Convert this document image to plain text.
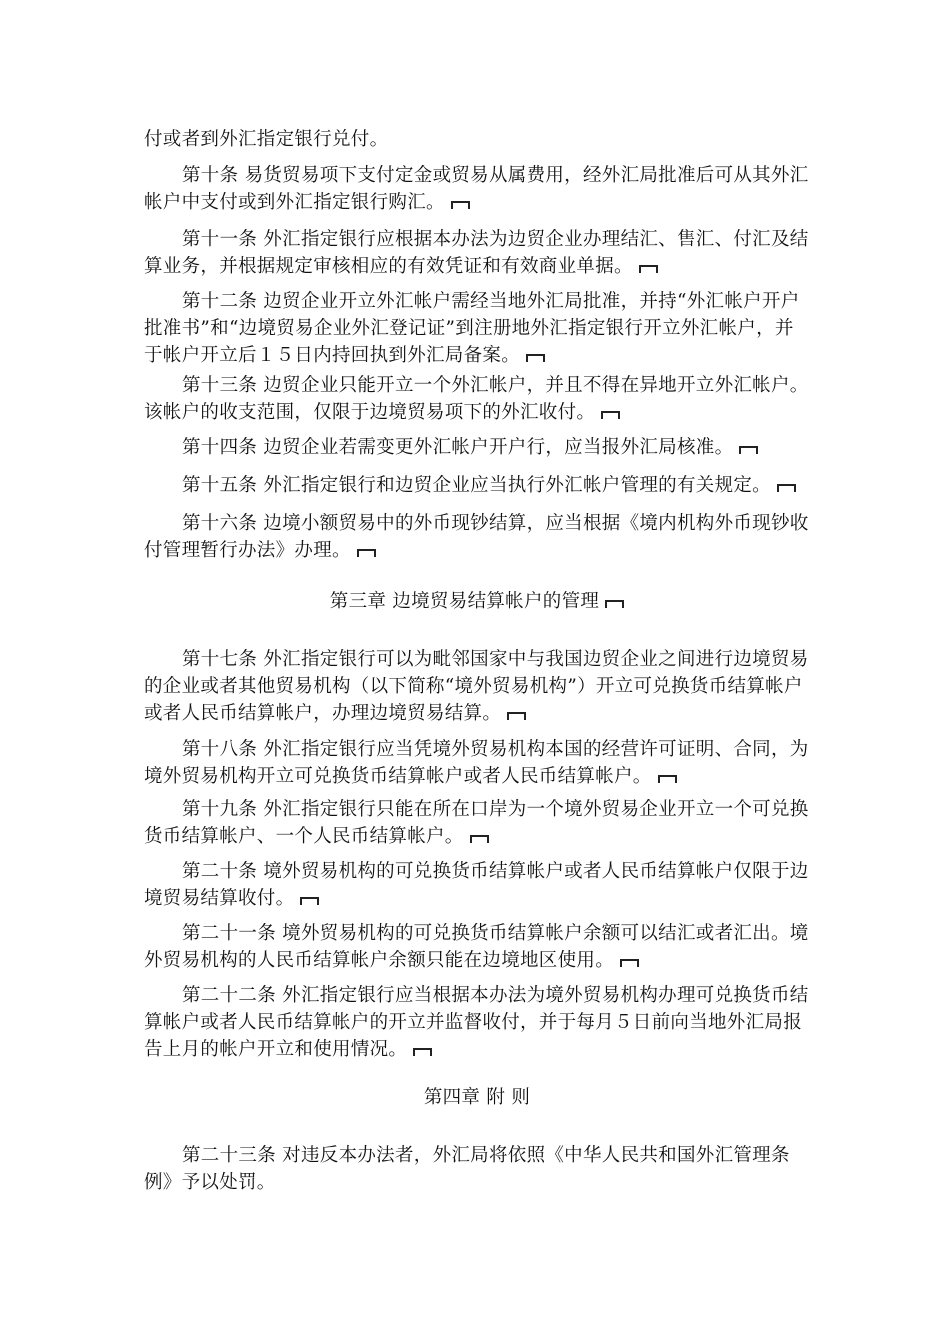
付或者到外汇指定银行兑付。

第十条 易货贸易项下支付定金或贸易从属费用，经外汇局批准后可从其外汇帐户中支付或到外汇指定银行购汇。

第十一条 外汇指定银行应根据本办法为边贸企业办理结汇、售汇、付汇及结算业务，并根据规定审核相应的有效凭证和有效商业单据。

第十二条 边贸企业开立外汇帐户需经当地外汇局批准，并持“外汇帐户开户批准书”和“边境贸易企业外汇登记证”到注册地外汇指定银行开立外汇帐户，并于帐户开立后１５日内持回执到外汇局备案。

第十三条 边贸企业只能开立一个外汇帐户，并且不得在异地开立外汇帐户。该帐户的收支范围，仅限于边境贸易项下的外汇收付。

第十四条 边贸企业若需变更外汇帐户开户行，应当报外汇局核准。

第十五条 外汇指定银行和边贸企业应当执行外汇帐户管理的有关规定。

第十六条 边境小额贸易中的外币现钞结算，应当根据《境内机构外币现钞收付管理暂行办法》办理。

第三章 边境贸易结算帐户的管理

第十七条 外汇指定银行可以为毗邻国家中与我国边贸企业之间进行边境贸易的企业或者其他贸易机构（以下简称“境外贸易机构”）开立可兑换货币结算帐户或者人民币结算帐户，办理边境贸易结算。

第十八条 外汇指定银行应当凭境外贸易机构本国的经营许可证明、合同，为境外贸易机构开立可兑换货币结算帐户或者人民币结算帐户。

第十九条 外汇指定银行只能在所在口岸为一个境外贸易企业开立一个可兑换货币结算帐户、一个人民币结算帐户。

第二十条 境外贸易机构的可兑换货币结算帐户或者人民币结算帐户仅限于边境贸易结算收付。

第二十一条 境外贸易机构的可兑换货币结算帐户余额可以结汇或者汇出。境外贸易机构的人民币结算帐户余额只能在边境地区使用。

第二十二条 外汇指定银行应当根据本办法为境外贸易机构办理可兑换货币结算帐户或者人民币结算帐户的开立并监督收付，并于每月５日前向当地外汇局报告上月的帐户开立和使用情况。

第四章 附 则

第二十三条 对违反本办法者，外汇局将依照《中华人民共和国外汇管理条例》予以处罚。
